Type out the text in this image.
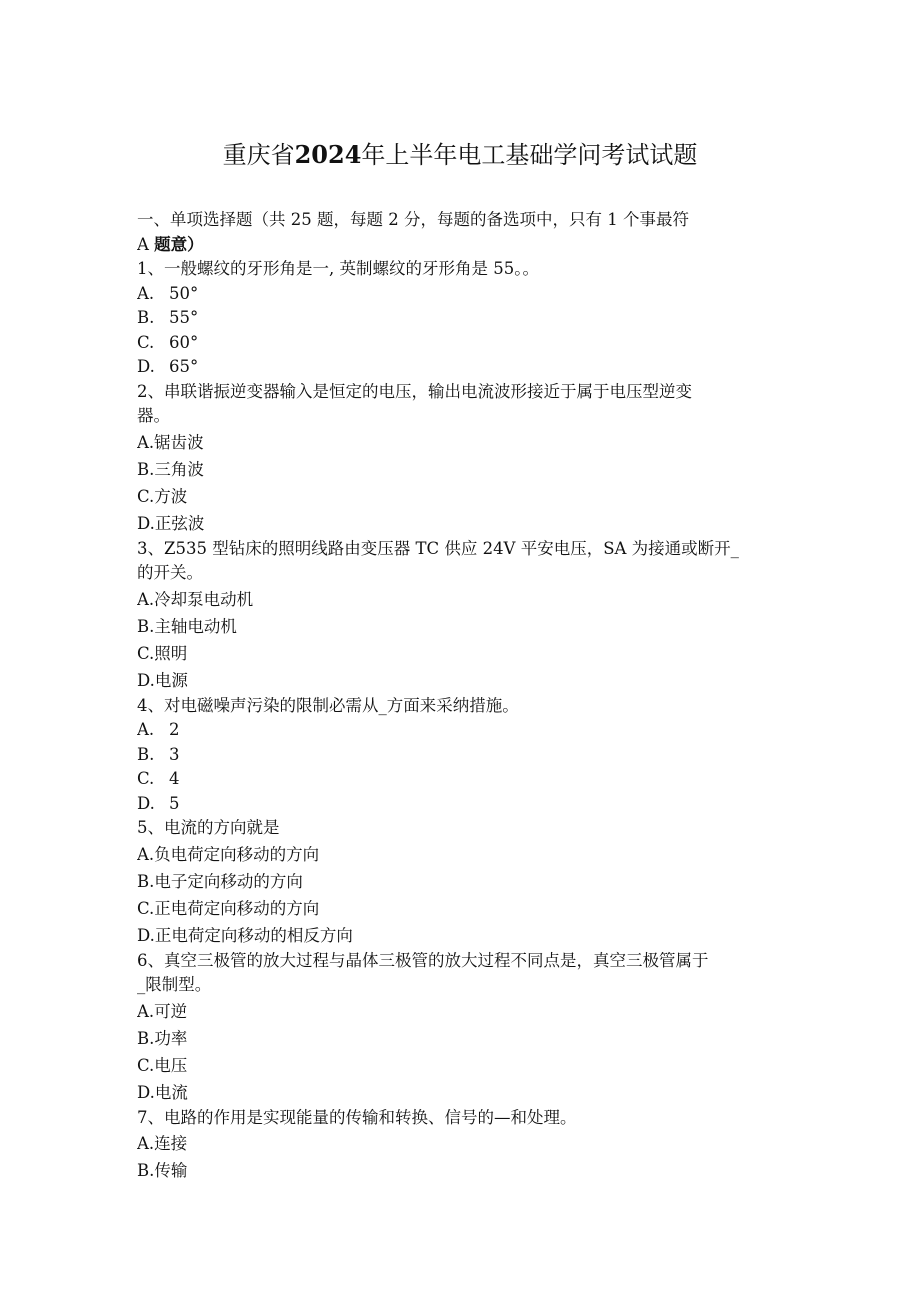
重庆省2024年上半年电工基础学问考试试题
一、单项选择题（共 25 题，每题 2 分，每题的备选项中，只有 1 个事最符
A 题意）
1、一般螺纹的牙形角是一, 英制螺纹的牙形角是 55。。
A. 50°
B. 55°
C. 60°
D. 65°
2、串联谐振逆变器输入是恒定的电压，输出电流波形接近于属于电压型逆变
器。
A.锯齿波
B.三角波
C.方波
D.正弦波
3、Z535 型钻床的照明线路由变压器 TC 供应 24V 平安电压，SA 为接通或断开_
的开关。
A.冷却泵电动机
B.主轴电动机
C.照明
D.电源
4、对电磁噪声污染的限制必需从_方面来采纳措施。
A. 2
B. 3
C. 4
D. 5
5、电流的方向就是
A.负电荷定向移动的方向
B.电子定向移动的方向
C.正电荷定向移动的方向
D.正电荷定向移动的相反方向
6、真空三极管的放大过程与晶体三极管的放大过程不同点是，真空三极管属于
_限制型。
A.可逆
B.功率
C.电压
D.电流
7、电路的作用是实现能量的传输和转换、信号的—和处理。
A.连接
B.传输
